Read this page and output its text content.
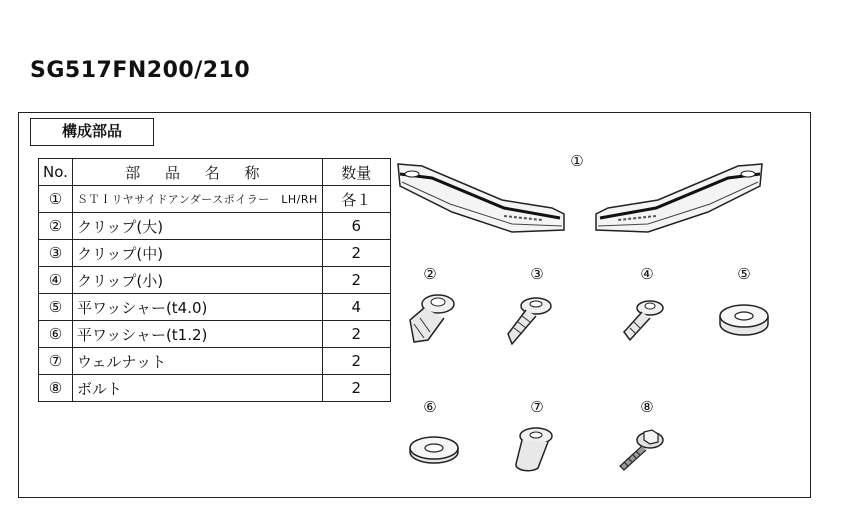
SG517FN200/210
構成部品
No.	部 品 名 称	数量
①	ＳＴＩリヤサイドアンダースポイラー　LH/RH	各１
②	クリップ(大)	6
③	クリップ(中)	2
④	クリップ(小)	2
⑤	平ワッシャー(t4.0)	4
⑥	平ワッシャー(t1.2)	2
⑦	ウェルナット	2
⑧	ボルト	2
①
②	③	④	⑤
⑥	⑦	⑧
